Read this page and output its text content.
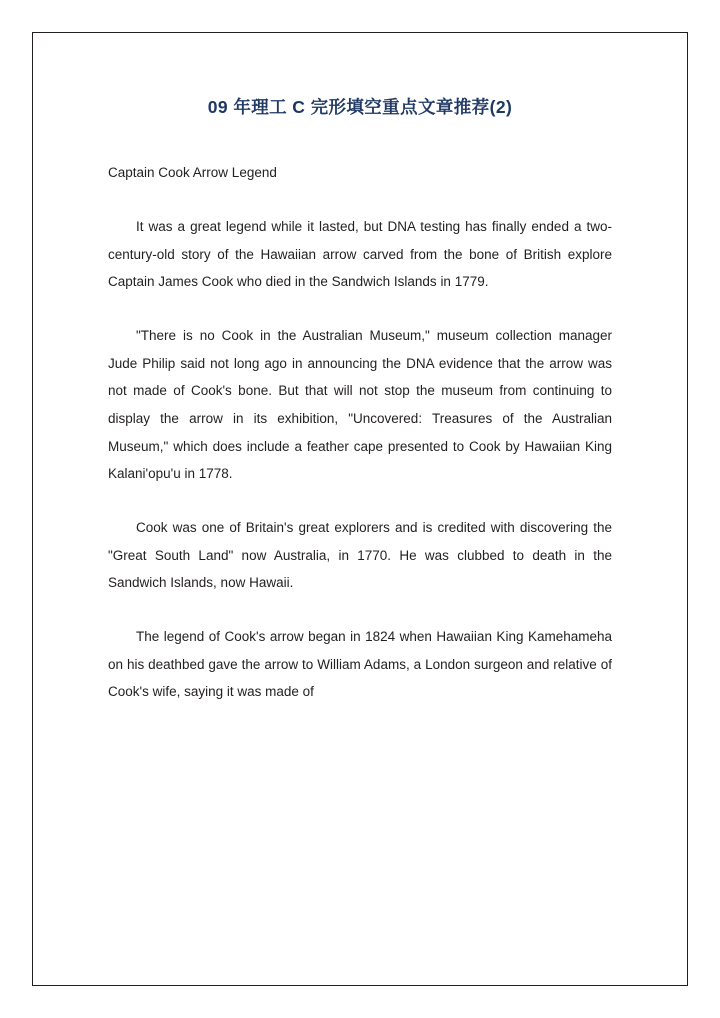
09 年理工 C 完形填空重点文章推荐(2)
Captain Cook Arrow Legend

It was a great legend while it lasted, but DNA testing has finally ended a two-century-old story of the Hawaiian arrow carved from the bone of British explore Captain James Cook who died in the Sandwich Islands in 1779.

"There is no Cook in the Australian Museum," museum collection manager Jude Philip said not long ago in announcing the DNA evidence that the arrow was not made of Cook's bone. But that will not stop the museum from continuing to display the arrow in its exhibition, "Uncovered: Treasures of the Australian Museum," which does include a feather cape presented to Cook by Hawaiian King Kalani'opu'u in 1778.

Cook was one of Britain's great explorers and is credited with discovering the "Great South Land" now Australia, in 1770. He was clubbed to death in the Sandwich Islands, now Hawaii.

The legend of Cook's arrow began in 1824 when Hawaiian King Kamehameha on his deathbed gave the arrow to William Adams, a London surgeon and relative of Cook's wife, saying it was made of
